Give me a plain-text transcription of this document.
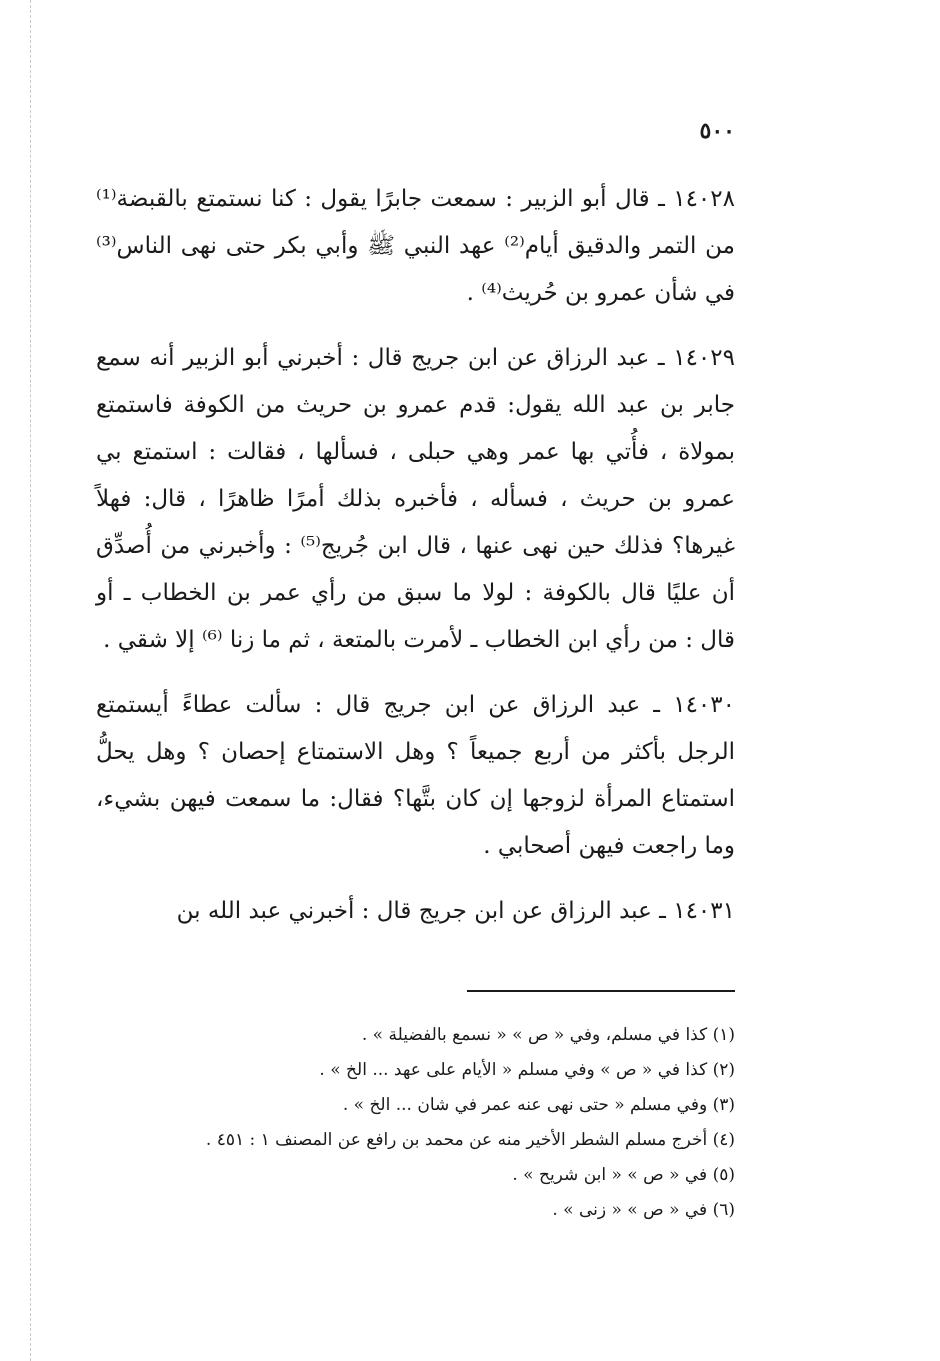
٥٠٠

١٤٠٢٨ ـ قال أبو الزبير : سمعت جابرًا يقول : كنا نستمتع بالقبضة⁽¹⁾ من التمر والدقيق أيام⁽²⁾ عهد النبي ﷺ وأبي بكر حتى نهى الناس⁽³⁾ في شأن عمرو بن حُريث⁽⁴⁾ .

١٤٠٢٩ ـ عبد الرزاق عن ابن جريج قال : أخبرني أبو الزبير أنه سمع جابر بن عبد الله يقول: قدم عمرو بن حريث من الكوفة فاستمتع بمولاة ، فأُتي بها عمر وهي حبلى ، فسألها ، فقالت : استمتع بي عمرو بن حريث ، فسأله ، فأخبره بذلك أمرًا ظاهرًا ، قال: فهلاً غيرها؟ فذلك حين نهى عنها ، قال ابن جُريج⁽⁵⁾ : وأخبرني من أُصدِّق أن عليًا قال بالكوفة : لولا ما سبق من رأي عمر بن الخطاب ـ أو قال : من رأي ابن الخطاب ـ لأمرت بالمتعة ، ثم ما زنا ⁽⁶⁾ إلا شقي .

١٤٠٣٠ ـ عبد الرزاق عن ابن جريج قال : سألت عطاءً أيستمتع الرجل بأكثر من أربع جميعاً ؟ وهل الاستمتاع إحصان ؟ وهل يحلُّ استمتاع المرأة لزوجها إن كان بتَّها؟ فقال: ما سمعت فيهن بشيء، وما راجعت فيهن أصحابي .

١٤٠٣١ ـ عبد الرزاق عن ابن جريج قال : أخبرني عبد الله بن

(١) كذا في مسلم، وفي « ص » « نسمع بالفضيلة » .

(٢) كذا في « ص » وفي مسلم « الأيام على عهد ... الخ » .

(٣) وفي مسلم « حتى نهى عنه عمر في شان ... الخ » .

(٤) أخرج مسلم الشطر الأخير منه عن محمد بن رافع عن المصنف ١ : ٤٥١ .

(٥) في « ص » « ابن شريح » .

(٦) في « ص » « زنى » .
